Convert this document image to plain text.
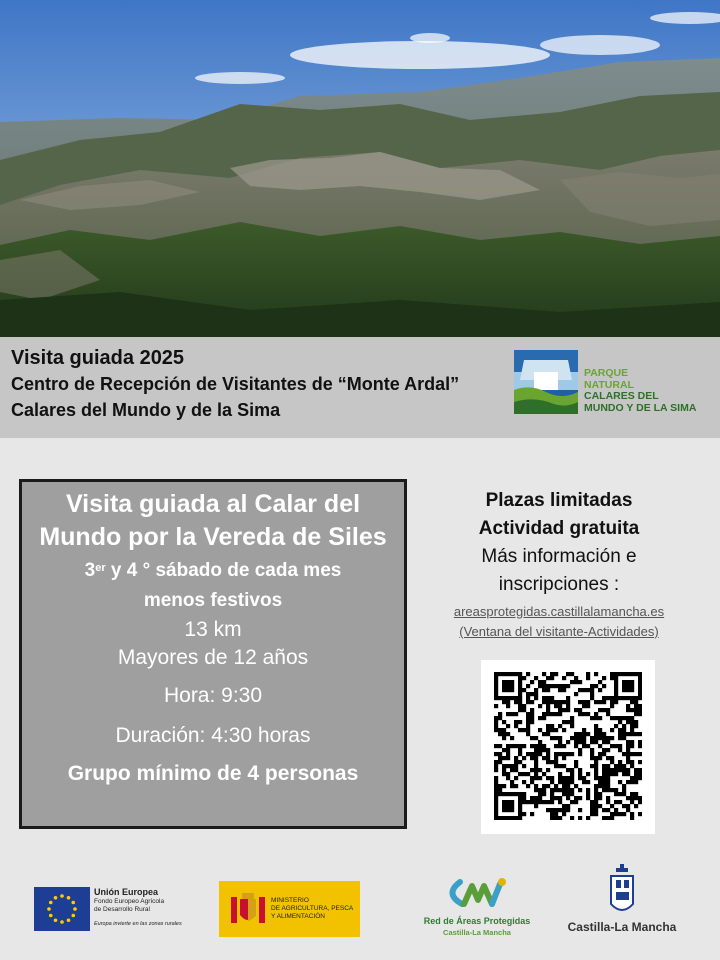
Visita guiada 2025
Centro de Recepción de Visitantes de “Monte Ardal”
Calares del Mundo y de la Sima
PARQUE
NATURAL
CALARES DEL
MUNDO Y DE LA SIMA
Visita guiada al Calar del
Mundo por la Vereda de Siles
3er y 4 ° sábado de cada mes
menos festivos
13 km
Mayores de 12 años
Hora: 9:30
Duración: 4:30 horas
Grupo mínimo de 4 personas
Plazas limitadas
Actividad gratuita
Más información e
inscripciones :
areasprotegidas.castillalamancha.es
(Ventana del visitante-Actividades)
Unión Europea
Fondo Europeo Agrícola
de Desarrollo Rural
Europa invierte en las zonas rurales
MINISTERIO
DE AGRICULTURA, PESCA
Y ALIMENTACIÓN	Red de Áreas Protegidas
Castilla-La Mancha	Castilla-La Mancha
